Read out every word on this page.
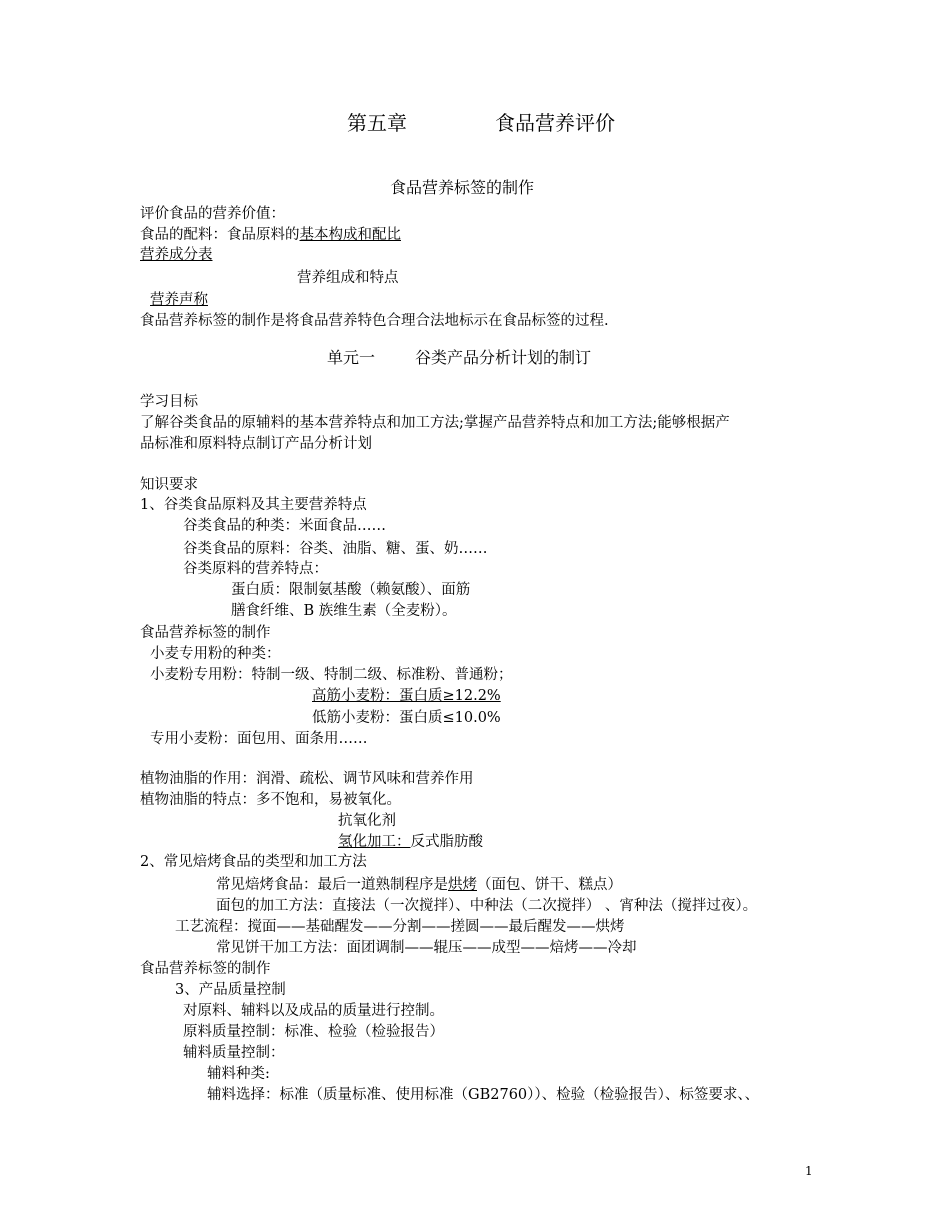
第五章	食品营养评价
食品营养标签的制作
评价食品的营养价值：
食品的配料：食品原料的基本构成和配比
营养成分表
营养组成和特点
营养声称
食品营养标签的制作是将食品营养特色合理合法地标示在食品标签的过程.
单元一	谷类产品分析计划的制订
学习目标
了解谷类食品的原辅料的基本营养特点和加工方法;掌握产品营养特点和加工方法;能够根据产
品标准和原料特点制订产品分析计划
知识要求
1、谷类食品原料及其主要营养特点
谷类食品的种类：米面食品……
谷类食品的原料：谷类、油脂、糖、蛋、奶……
谷类原料的营养特点：
蛋白质：限制氨基酸（赖氨酸）、面筋
膳食纤维、B 族维生素（全麦粉）。
食品营养标签的制作
小麦专用粉的种类：
小麦粉专用粉：特制一级、特制二级、标准粉、普通粉；
高筋小麦粉：蛋白质≥12.2%
低筋小麦粉：蛋白质≤10.0%
专用小麦粉：面包用、面条用……
植物油脂的作用：润滑、疏松、调节风味和营养作用
植物油脂的特点：多不饱和，易被氧化。
抗氧化剂
氢化加工：反式脂肪酸
2、常见焙烤食品的类型和加工方法
常见焙烤食品：最后一道熟制程序是烘烤（面包、饼干、糕点）
面包的加工方法：直接法（一次搅拌）、中种法（二次搅拌） 、宵种法（搅拌过夜）。
工艺流程：搅面——基础醒发——分割——搓圆——最后醒发——烘烤
常见饼干加工方法：面团调制——辊压——成型——焙烤——冷却
食品营养标签的制作
3、产品质量控制
对原料、辅料以及成品的质量进行控制。
原料质量控制：标准、检验（检验报告）
辅料质量控制：
辅料种类:
辅料选择：标准（质量标准、使用标准（GB2760））、检验（检验报告）、标签要求、、
1
